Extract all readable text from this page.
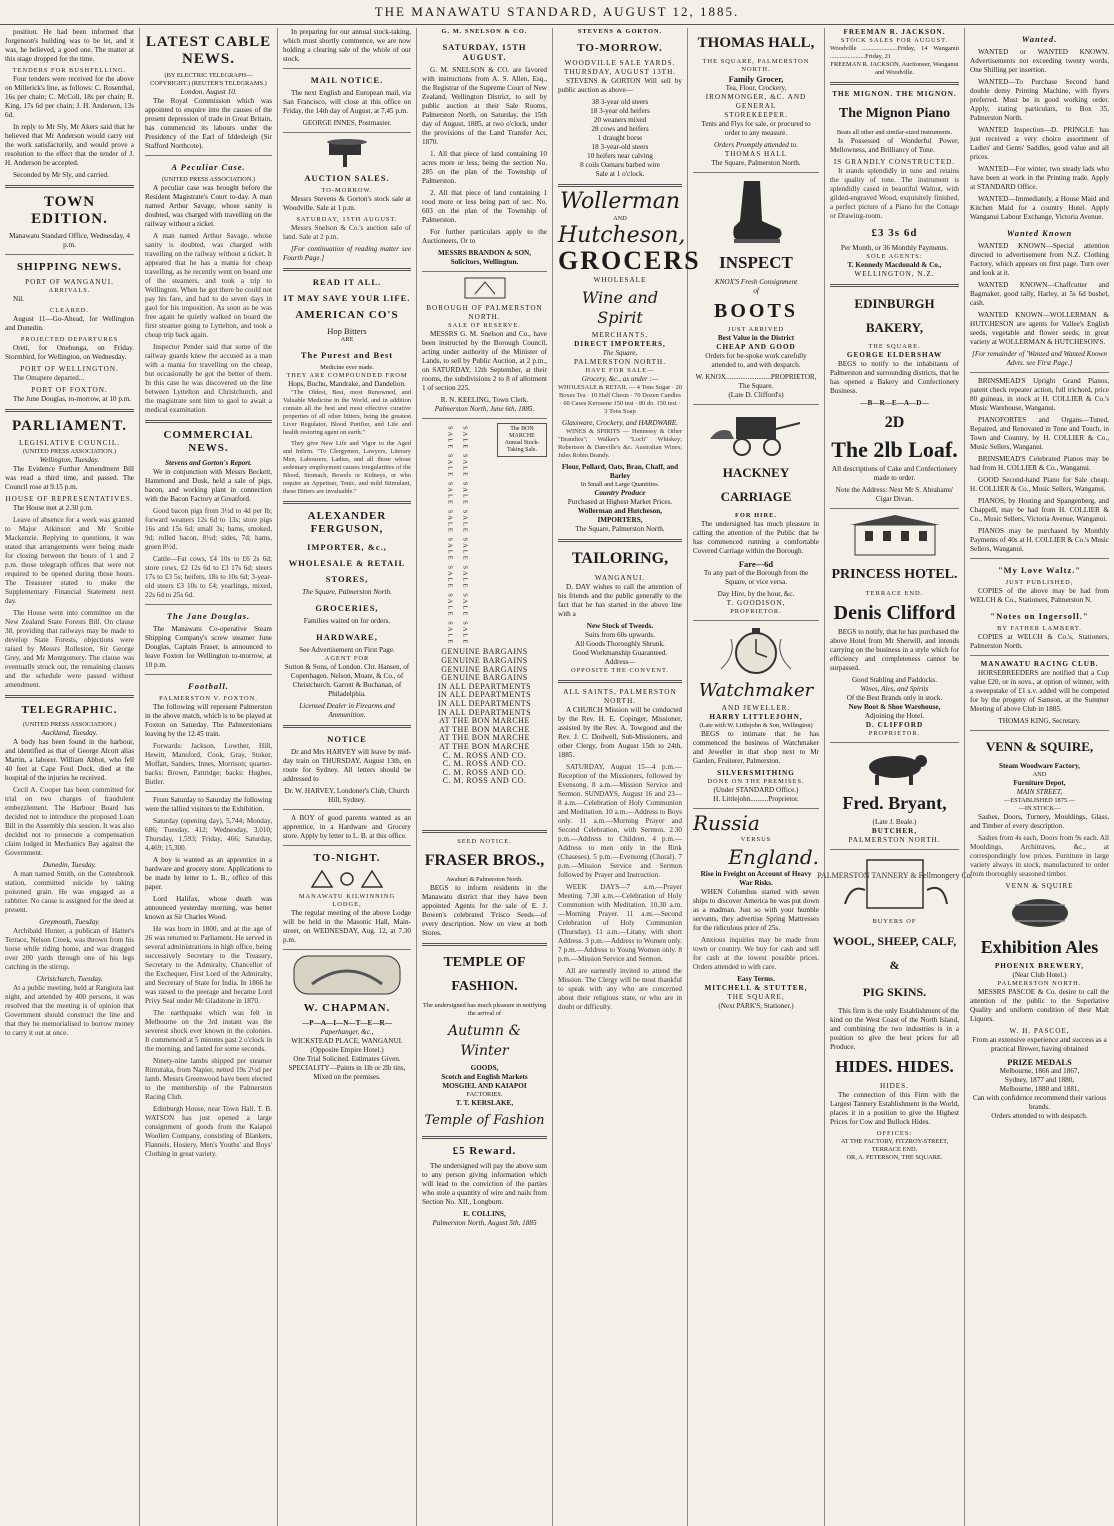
THE MANAWATU STANDARD, AUGUST 12, 1885.

position. He had been informed that Jorgenson's building was to be let, and it was, he believed, a good one. The matter at this stage dropped for the time.

TENDERS FOR BUSHFELLING.

Four tenders were received for the above on Millerick's line, as follows: C. Rosenthal, 16s per chain; C. McColl, 18s per chain; R. King, 17s 6d per chain; J. H. Anderson, 13s 6d.

In reply to Mr Sly, Mr Akers said that he believed that Mr Anderson would carry out the work satisfactorily, and would prove a resolution to the effect that the tender of J. H. Anderson be accepted.

Seconded by Mr Sly, and carried.

TOWN EDITION.
Manawatu Standard Office, Wednesday, 4 p.m.
SHIPPING NEWS.
PORT OF WANGANUI.
ARRIVALS.

Nil.

CLEARED.

August 11—Go-Ahead, for Wellington and Dunedin.

PROJECTED DEPARTURES

Oreti, for Onehunga, on Friday. Stormbird, for Wellington, on Wednesday.

PORT OF WELLINGTON.

The Omapere departed...

PORT OF FOXTON.

The June Douglas, to-morrow, at 10 p.m.

PARLIAMENT.
LEGISLATIVE COUNCIL.
(UNITED PRESS ASSOCIATION.)
Wellington, Tuesday.

The Evidence Further Amendment Bill was read a third time, and passed. The Council rose at 9.15 p.m.

HOUSE OF REPRESENTATIVES.

The House met at 2.30 p.m.

Leave of absence for a week was granted to Major Atkinson and Mr Scobie Mackenzie. Replying to questions, it was stated that arrangements were being made for closing between the hours of 1 and 2 p.m. those telegraph offices that were not required to be opened during those hours. The Treasurer stated to make the Supplementary Financial Statement next day.

The House went into committee on the New Zealand State Forests Bill. On clause 38, providing that railways may be made to develop State Forests, objections were raised by Messrs Rolleston, Sir George Grey, and Mr Montgomery. The clause was eventually struck out, the remaining clauses and the schedule were passed without amendment.

TELEGRAPHIC.
(UNITED PRESS ASSOCIATION.)
Auckland, Tuesday.

A body has been found in the harbour, and identified as that of George Alcott alias Martin, a laborer. William Abbot, who fell 40 feet at Cape Foul Dock, died at the hospital of the injuries he received.

Cecil A. Cooper has been committed for trial on two charges of fraudulent embezzlement. The Harbour Board has decided not to introduce the proposed Loan Bill in the Assembly this session. It was also decided not to prosecute a compensation claim lodged in Mechanics Bay against the Government.

Dunedin, Tuesday.

A man named Smith, on the Cottesbrook station, committed suicide by taking poisoned grain. He was engaged as a rabbiter. No cause is assigned for the deed at present.

Greymouth, Tuesday.

Archibald Hunter, a publican of Hatter's Terrace, Nelson Creek, was thrown from his horse while riding home, and was dragged over 200 yards through one of his legs catching in the stirrup.

Christchurch, Tuesday.

At a public meeting, held at Rangiora last night, and attended by 400 persons, it was resolved that the meeting is of opinion that Government should construct the line and that they be memorialised to borrow money to carry it out at once.

LATEST CABLE NEWS.
(BY ELECTRIC TELEGRAPH—COPYRIGHT.) (REUTER'S TELEGRAMS.)
London, August 10.

The Royal Commission which was appointed to enquire into the causes of the present depression of trade in Great Britain, has commenced its labours under the Presidency of the Earl of Iddesleigh (Sir Stafford Northcote).

A Peculiar Case.
(UNITED PRESS ASSOCIATION.)

A peculiar case was brought before the Resident Magistrate's Court to-day. A man named Arthur Savage, whose sanity is doubted, was charged with travelling on the railway without a ticket.

A man named Arthur Savage, whose sanity is doubted, was charged with travelling on the railway without a ticket. It appeared that he has a mania for cheap travelling, as he recently went on board one of the steamers, and took a trip to Wellington. When he got there he could not pay his fare, and had to do seven days in gaol for his imposition. As soon as he was free again he quietly walked on board the first steamer going to Lyttelton, and took a cheap trip back again.

Inspector Pender said that some of the railway guards knew the accused as a man with a mania for travelling on the cheap, but occasionally he got the better of them. In this case he was discovered on the line between Lyttelton and Christchurch, and the magistrate sent him to gaol to await a medical examination.

COMMERCIAL NEWS.
Stevens and Gorton's Report.

We in conjunction with Messrs Beckett, Hammond and Dusk, held a sale of pigs, bacon, and working plant in connection with the Bacon Factory at Greatford.

Good bacon pigs from 3½d to 4d per lb; forward weaners 12s 6d to 13s; store pigs 16s and 15s 6d; small 3s; hams, smoked, 9d; rolled bacon, 8½d; sides, 7d; hams, green 8½d.

Cattle—Fat cows, £4 10s to £6 2s 6d; store cows, £2 12s 6d to £3 17s 6d; steers 17s to £3 5s; heifers, 18s to 10s 6d; 3-year-old steers £3 10s to £4; yearlings, mixed, 22s 6d to 25s 6d.

The Jane Douglas.

The Manawatu Co-operative Steam Shipping Company's screw steamer June Douglas, Captain Fraser, is announced to leave Foxton for Wellington to-morrow, at 10 p.m.

Football.
PALMERSTON V. FOXTON.

The following will represent Palmerston in the above match, which is to be played at Foxton on Saturday. The Palmerstonians leaving by the 12.45 train.

Forwards: Jackson, Lowther, Hill, Hewitt, Mansford, Cook, Gray, Stoker, Moffatt, Sanders, Innes, Morrison; quarter-backs: Brown, Pattridge; backs: Hughes, Butler.

From Saturday to Saturday the following were the tallied visitors to the Exhibition.

Saturday (opening day), 5,744; Monday, 686; Tuesday, 412; Wednesday, 3,010; Thursday, 1,593; Friday, 466; Saturday, 4,469; 15,300.

A boy is wanted as an apprentice in a hardware and grocery store. Applications to be made by letter to L. B., office of this paper.

Lord Halifax, whose death was announced yesterday morning, was better known as Sir Charles Wood.

He was born in 1800, and at the age of 26 was returned to Parliament. He served in several administrations in high office, being successively Secretary to the Treasury, Secretary to the Admiralty, Chancellor of the Exchequer, First Lord of the Admiralty, and Secretary of State for India. In 1866 he was raised to the peerage and became Lord Privy Seal under Mr Gladstone in 1870.

The earthquake which was felt in Melbourne on the 3rd instant was the severest shock ever known in the colonies. It commenced at 5 minutes past 2 o'clock in the morning, and lasted for some seconds.

Ninety-nine lambs shipped per steamer Rimutaka, from Napier, netted 19s 2½d per lamb. Messrs Greenwood have been elected to the membership of the Palmerston Racing Club.

Edinburgh House, near Town Hall. T. B. WATSON has just opened a large consignment of goods from the Kaiapoi Woollen Company, consisting of Blankets, Flannels, Hosiery, Men's Youths' and Boys' Clothing in great variety.

In preparing for our annual stock-taking, which must shortly commence, we are now holding a clearing sale of the whole of our stock.

MAIL NOTICE.

The next English and European mail, via San Francisco, will close at this office on Friday, the 14th day of August, at 7.45 p.m.

GEORGE INNES, Postmaster.
AUCTION SALES.
TO-MORROW.

Messrs Stevens & Gorton's stock sale at Woodville. Sale at 1 p.m.

SATURDAY, 15TH AUGUST.

Messrs Snelson & Co.'s auction sale of land. Sale at 2 p.m.

[For continuation of reading matter see Fourth Page.]

READ IT ALL.
IT MAY SAVE YOUR LIFE.
AMERICAN CO'S
Hop Bitters
ARE
The Purest and Best
Medicine ever made.
THEY ARE COMPOUNDED FROM
Hops, Buchu, Mandrake, and Dandelion.

"The Oldest, Best, most Renowned, and Valuable Medicine in the World, and in addition contain all the best and most effective curative properties of all other bitters, being the greatest Liver Regulator, Blood Purifier, and Life and health restoring agent on earth."

They give New Life and Vigor to the Aged and Infirm. "To Clergymen, Lawyers, Literary Men, Labourers, Ladies, and all those whose sedentary employment causes irregularities of the Blood, Stomach, Bowels or Kidneys, or who require an Appetiser, Tonic, and mild Stimulant, these Bitters are invaluable."

ALEXANDER FERGUSON,
IMPORTER, &c.,
WHOLESALE & RETAIL
STORES,
The Square, Palmerston North.
GROCERIES,
Families waited on for orders.
HARDWARE,
See Advertisement on First Page.
AGENT FOR

Sutton & Sons, of London. Chr. Hansen, of Copenhagen. Nelson, Moate, & Co., of Christchurch. Garrett & Buchanan, of Philadelphia.

Licensed Dealer in Firearms and Ammunition.
NOTICE

Dr and Mrs HARVEY will leave by mid-day train on THURSDAY, August 13th, en route for Sydney. All letters should be addressed to

Dr. W. HARVEY, Londoner's Club, Church Hill, Sydney.

A BOY of good parents wanted as an apprentice, in a Hardware and Grocery store. Apply by letter to L. B. at this office.

TO-NIGHT.
MANAWATU KILWINNING LODGE,

The regular meeting of the above Lodge will be held in the Masonic Hall, Main-street, on WEDNESDAY, Aug. 12, at 7.30 p.m.

W. CHAPMAN.
—P—A—I—N—T—E—R—
Paperhanger, &c.,
WICKSTEAD PLACE, WANGANUI. (Opposite Empire Hotel.)
One Trial Solicited. Estimates Given.
SPECIALITY—Paints in 1lb or 2lb tins, Mixed on the premises.
G. M. SNELSON & CO.
SATURDAY, 15TH AUGUST.

G. M. SNELSON & CO. are favored with instructions from A. S. Allen, Esq., the Registrar of the Supreme Court of New Zealand, Wellington District, to sell by public auction at their Sale Rooms, Palmerston North, on Saturday, the 15th day of August, 1885, at two o'clock, under the provisions of the Land Transfer Act, 1870.

1. All that piece of land containing 10 acres more or less, being the section No. 285 on the plan of the Township of Palmerston.

2. All that piece of land containing 1 rood more or less being part of sec. No. 603 on the plan of the Township of Palmerston.

For further particulars apply to the Auctioneers, Or to

MESSRS BRANDON & SON, Solicitors, Wellington.
BOROUGH OF PALMERSTON NORTH.
SALE OF RESERVE.

MESSRS G. M. Snelson and Co., have been instructed by the Borough Council, acting under authority of the Minister of Lands, to sell by Public Auction, at 2 p.m., on SATURDAY, 12th September, at their rooms, the subdivisions 2 to 8 of allotment 1 of section 225.

R. N. KEELING, Town Clerk.
Palmerston North, June 6th, 1885.
SALE SALE SALE SALE SALE SALE SALE SALE SALE SALE SALE SALE SALE SALE SALE SALE	The BON MARCHE Annual Stock-Taking Sale.
GENUINE BARGAINS
GENUINE BARGAINS
GENUINE BARGAINS
GENUINE BARGAINS
IN ALL DEPARTMENTS
IN ALL DEPARTMENTS
IN ALL DEPARTMENTS
IN ALL DEPARTMENTS
AT THE BON MARCHE
AT THE BON MARCHE
AT THE BON MARCHE
AT THE BON MARCHE
C. M. ROSS AND CO.
C. M. ROSS AND CO.
C. M. ROSS AND CO.
C. M. ROSS AND CO.
SEED NOTICE.
FRASER BROS.,
Awahuri & Palmerston North.

BEGS to inform residents in the Manawatu district that they have been appointed Agents for the sale of E. J. Bowen's celebrated 'Frisco Seeds—of every description. Now on view at both Stores.

TEMPLE OF FASHION.
The undersigned has much pleasure in notifying the arrival of
Autumn & Winter
GOODS,
Scotch and English Markets
MOSGIEL AND KAIAPOI
FACTORIES.
T. T. KERSLAKE,
Temple of Fashion
£5 Reward.

The undersigned will pay the above sum to any person giving information which will lead to the conviction of the parties who stole a quantity of wire and nails from Section No. XII., Longburn.

E. COLLINS,
Palmerston North, August 5th, 1885
STEVENS & GORTON.
TO-MORROW.
WOODVILLE SALE YARDS.
THURSDAY, AUGUST 13TH.

STEVENS & GORTON Will sell by public auction as above—

38 3-year old steers
18 3-year old heifers
20 weaners mixed
28 cows and heifers
1 draught horse
18 3-year-old steers
10 heifers near calving
8 coils Oamaru barbed wire
Sale at 1 o'clock.
Wollerman
AND
Hutcheson,
GROCERS
WHOLESALE
Wine and Spirit
MERCHANTS,
DIRECT IMPORTERS,
The Square,
PALMERSTON NORTH.
HAVE FOR SALE—
Grocery, &c., as under :—

WHOLESALE & RETAIL — 4 Tons Sugar · 20 Boxes Tea · 10 Half Chests · 70 Dozen Candles · 60 Cases Kerosene 150 test · 80 do. 150 test · 3 Tons Soap

Glassware, Crockery, and HARDWARE.

WINES & SPIRITS — Hennessy & Other "Brandies"; Walker's "Loch" Whiskey; Robertson & Danville's &c. Australian Wines; Jules Robin Brandy.

Flour, Pollard, Oats, Bran, Chaff, and Barley
In Small and Large Quantities.
Country Produce
Purchased at Highest Market Prices.
Wollerman and Hutcheson, IMPORTERS,
The Square, Palmerston North.
TAILORING,
WANGANUI.

D. DAY wishes to call the attention of his friends and the public generally to the fact that he has started in the above line with a

New Stock of Tweeds.
Suits from 60s upwards.
All Goods Thoroughly Shrunk.
Good Workmanship Guaranteed.
Address—
OPPOSITE THE CONVENT.
ALL SAINTS, PALMERSTON NORTH.

A CHURCH Mission will be conducted by the Rev. H. E. Copinger, Missioner, assisted by the Rev. A. Towgood and the Rev. J. C. Dodwell, Sub-Missioners, and other Clergy, from August 15th to 24th, 1885.

SATURDAY, August 15—4 p.m.—Reception of the Missioners, followed by Evensong. 8 a.m.—Mission Service and Sermon. SUNDAYS, August 16 and 23—8 a.m.—Celebration of Holy Communion and Meditation. 10 a.m.—Address to Boys only. 11 a.m.—Morning Prayer and Second Celebration, with Sermon. 2.30 p.m.—Address to Children. 4 p.m.—Address to men only in the Rink (Chaseses). 5 p.m.—Evensong (Choral). 7 p.m.—Mission Service and Sermon followed by Prayer and Instruction.

WEEK DAYS—7 a.m.—Prayer Meeting. 7.30 a.m.—Celebration of Holy Communion with Meditation. 10.30 a.m.—Morning Prayer. 11 a.m.—Second Celebration of Holy Communion (Thursday). 11 a.m.—Litany, with short Address. 3 p.m.—Address to Women only. 7 p.m.—Address to Young Women only. 8 p.m.—Mission Service and Sermon.

All are earnestly invited to attend the Mission. The Clergy will be most thankful to speak with any who are concerned about their religious state, or who are in doubt or difficulty.

THOMAS HALL,
THE SQUARE, PALMERSTON NORTH.
Family Grocer,
Tea, Flour, Crockery,
IRONMONGER, &C. AND GENERAL
STOREKEEPER.

Tents and Flys for sale, or procured to order to any measure.

Orders Promptly attended to.
THOMAS HALL
The Square, Palmerston North.
INSPECT
KNOX'S Fresh Consignment
of
BOOTS
JUST ARRIVED
Best Value in the District
CHEAP AND GOOD

Orders for be-spoke work carefully attended to, and with despatch.

W. KNOX.........................PROPRIETOR,
The Square.
(Late D. Clifford's)
HACKNEY CARRIAGE
FOR HIRE.

The undersigned has much pleasure in calling the attention of the Public that he has commenced running a comfortable Covered Carriage within the Borough.

Fare—6d

To any part of the Borough from the Square, or vice versa.

Day Hire, by the hour, &c.
T. GOODISON,
PROPRIETOR.
Watchmaker
AND JEWELLER.
HARRY LITTLEJOHN,
(Late with W. Littlejohn & Son, Wellington)

BEGS to intimate that he has commenced the business of Watchmaker and Jeweller in that shop next to Mr Garden, Fruiterer, Palmerston.

SILVERSMITHING
DONE ON THE PREMISES.
(Under STANDARD Office.)
H. Littlejohn..........Proprietor.
Russia
VERSUS
England.
Rise in Freight on Account of Heavy War Risks.

WHEN Columbus started with seven ships to discover America he was put down as a madman. Just so with your humble servants, they advertise Spring Mattresses for the ridiculous price of 25s.

Anxious inquiries may be made from town or country. We buy for cash and sell for cash at the lowest possible prices. Orders attended to with care.

Easy Terms.
MITCHELL & STUTTER,
THE SQUARE,
(Next PARK'S, Stationer.)
FREEMAN R. JACKSON.
STOCK SALES FOR AUGUST.
Woodville ......................Friday, 14 Wanganui ......................Friday, 21
FREEMAN R. JACKSON, Auctioneer, Wanganui and Woodville.
THE MIGNON. THE MIGNON.
The Mignon Piano
Beats all other and similar-sized instruments.

Is Possessed of Wonderful Power, Mellowness, and Brilliancy of Tone.

IS GRANDLY CONSTRUCTED.

It stands splendidly in tune and retains the quality of tone. The instrument is splendidly cased in beautiful Walnut, with gilded-engraved Wood, exquisitely finished, a perfect picture of a Piano for the Cottage or Drawing-room.

£3 3s 6d
Per Month, or 36 Monthly Payments.
SOLE AGENTS:
T. Kennedy Macdonald & Co.,
WELLINGTON, N.Z.
EDINBURGH BAKERY,
THE SQUARE.
GEORGE ELDERSHAW

BEGS to notify to the inhabitants of Palmerston and surrounding districts, that he has opened a Bakery and Confectionery Business.

—B—R—E—A—D—
2D
The 2lb Loaf.

All descriptions of Cake and Confectionery made to order.

Note the Address: Next Mr S. Abrahams' Cigar Divan.

PRINCESS HOTEL.
TERRACE END.
Denis Clifford

BEGS to notify, that he has purchased the above Hotel from Mr Sherwill, and intends carrying on the business in a style which for efficiency and completeness cannot be surpassed.

Good Stabling and Paddocks.
Wines, Ales, and Spirits
Of the Best Brands only in stock.
New Boot & Shoe Warehouse,
Adjoining the Hotel.
D. CLIFFORD
PROPRIETOR.
Fred. Bryant,
(Late J. Beale.)
BUTCHER,
PALMERSTON NORTH.
PALMERSTON TANNERY & Fellmongery Co.
BUYERS OF
WOOL, SHEEP, CALF, &
PIG SKINS.

This firm is the only Establishment of the kind on the West Coast of the North Island, and combining the two industries is in a position to give the best prices for all Produce.

HIDES. HIDES.
HIDES.

The connection of this Firm with the Largest Tannery Establishment in the World, places it in a position to give the Highest Prices for Cow and Bullock Hides.

OFFICES:
AT THE FACTORY, FITZROY-STREET, TERRACE END.
OR, A. PETERSON, THE SQUARE.
Wanted.

WANTED or WANTED KNOWN. Advertisements not exceeding twenty words, One Shilling per insertion.

WANTED—To Purchase Second hand double demy Printing Machine, with flyers preferred. Must be in good working order. Apply, stating particulars, to Box 35, Palmerston North.

WANTED Inspection—D. PRINGLE has just received a very choice assortment of Ladies' and Gents' Saddles, good value and all prices.

WANTED—For winter, two steady lads who have been at work in the Printing trade. Apply at STANDARD Office.

WANTED—Immediately, a House Maid and Kitchen Maid for a country Hotel. Apply Wanganui Labour Exchange, Victoria Avenue.

Wanted Known

WANTED KNOWN—Special attention directed to advertisement from N.Z. Clothing Factory, which appears on first page. Turn over and look at it.

WANTED KNOWN—Chaffcutter and Bagmaker, good tally, Harley, at 5s 6d bushel, cash.

WANTED KNOWN—WOLLERMAN & HUTCHESON are agents for Vallee's English seeds, vegetable and flower seeds, in great variety at WOLLERMAN & HUTCHESON'S.

[For remainder of 'Wanted and Wanted Known Advts. see First Page.]

BRINSMEAD'S Upright Grand Pianos, patent check repeater action, full trichord, price 80 guineas, in stock at H. COLLIER & Co.'s Music Warehouse, Wanganui.

PIANOFORTES and Organs—Tuned, Repaired, and Renovated in Tone and Touch, in Town and Country, by H. COLLIER & Co., Music Sellers, Wanganui.

BRINSMEAD'S Celebrated Pianos may be had from H. COLLIER & Co., Wanganui.

GOOD Second-hand Piano for Sale cheap. H. COLLIER & Co., Music Sellers, Wanganui.

PIANOS, by Hosting and Spangenberg, and Chappell, may be had from H. COLLIER & Co., Music Sellers, Victoria Avenue, Wanganui.

PIANOS may be purchased by Monthly Payments of 40s at H. COLLIER & Co.'s Music Sellers, Wanganui.

"My Love Waltz."
JUST PUBLISHED,

COPIES of the above may be had from WELCH & Co., Stationers, Palmerston N.

"Notes on Ingersoll."
BY FATHER LAMBERT.

COPIES at WELCH & Co.'s, Stationers, Palmerston North.

MANAWATU RACING CLUB.

HORSEBREEDERS are notified that a Cup value £20, or in sovs., at option of winner, with a sweepstake of £1 s.v. added will be competed for by the progeny of Samson, at the Summer Meeting of above Club in 1885.

THOMAS KING, Secretary.
VENN & SQUIRE,
Steam Woodware Factory,
AND
Furniture Depot,
MAIN STREET,
—ESTABLISHED 1875.—
—IN STOCK—

Sashes, Doors, Turnery, Mouldings, Glass, and Timber of every description.

Sashes from 4s each, Doors from 9s each. All Mouldings, Architraves, &c., at correspondingly low prices. Furniture in large variety always in stock, manufactured to order from thoroughly seasoned timber.

VENN & SQUIRE
Exhibition Ales
PHOENIX BREWERY,
(Near Club Hotel.)
PALMERSTON NORTH.

MESSRS PASCOE & Co. desire to call the attention of the public to the Superlative Quality and uniform condition of their Malt Liquors.

W. H. PASCOE,

From an extensive experience and success as a practical Brewer, having obtained

PRIZE MEDALS
Melbourne, 1866 and 1867,
Sydney, 1877 and 1880,
Melbourne, 1880 and 1881,
Can with confidence recommend their various brands.
Orders attended to with despatch.
